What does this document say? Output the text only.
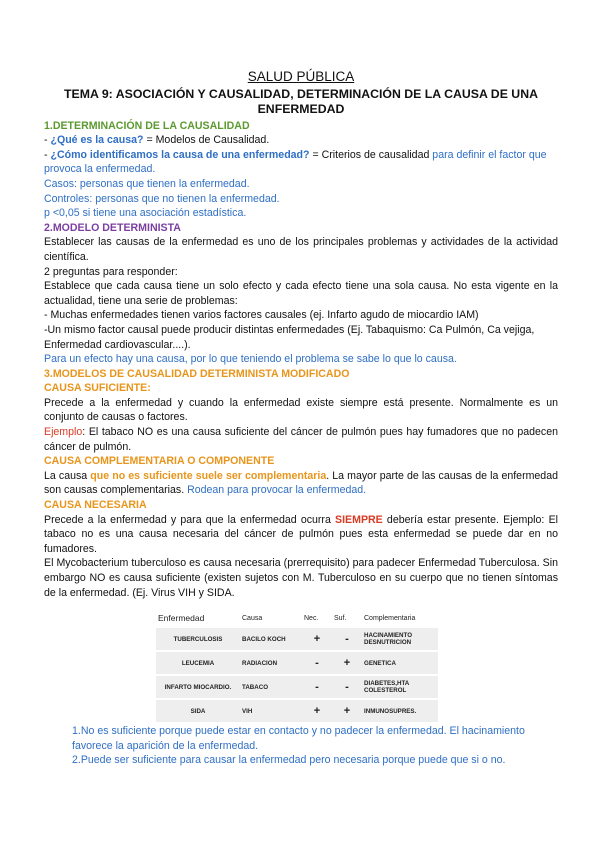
SALUD PÚBLICA
TEMA 9: ASOCIACIÓN Y CAUSALIDAD, DETERMINACIÓN DE LA CAUSA DE UNA ENFERMEDAD
1.DETERMINACIÓN DE LA CAUSALIDAD

- ¿Qué es la causa? = Modelos de Causalidad.

- ¿Cómo identificamos la causa de una enfermedad? = Criterios de causalidad para definir el factor que provoca la enfermedad.

Casos: personas que tienen la enfermedad.

Controles: personas que no tienen la enfermedad.

p <0,05 si tiene una asociación estadística.

2.MODELO DETERMINISTA

Establecer las causas de la enfermedad es uno de los principales problemas y actividades de la actividad científica.

2 preguntas para responder:

Establece que cada causa tiene un solo efecto y cada efecto tiene una sola causa. No esta vigente en la actualidad, tiene una serie de problemas:

- Muchas enfermedades tienen varios factores causales (ej. Infarto agudo de miocardio IAM)

-Un mismo factor causal puede producir distintas enfermedades (Ej. Tabaquismo: Ca Pulmón, Ca vejiga, Enfermedad cardiovascular....).

Para un efecto hay una causa, por lo que teniendo el problema se sabe lo que lo causa.

3.MODELOS DE CAUSALIDAD DETERMINISTA MODIFICADO
CAUSA SUFICIENTE:

Precede a la enfermedad y cuando la enfermedad existe siempre está presente. Normalmente es un conjunto de causas o factores.

Ejemplo: El tabaco NO es una causa suficiente del cáncer de pulmón pues hay fumadores que no padecen cáncer de pulmón.

CAUSA COMPLEMENTARIA O COMPONENTE

La causa que no es suficiente suele ser complementaria. La mayor parte de las causas de la enfermedad son causas complementarias. Rodean para provocar la enfermedad.

CAUSA NECESARIA

Precede a la enfermedad y para que la enfermedad ocurra SIEMPRE debería estar presente. Ejemplo: El tabaco no es una causa necesaria del cáncer de pulmón pues esta enfermedad se puede dar en no fumadores.

El Mycobacterium tuberculoso es causa necesaria (prerrequisito) para padecer Enfermedad Tuberculosa. Sin embargo NO es causa suficiente (existen sujetos con M. Tuberculoso en su cuerpo que no tienen síntomas de la enfermedad. (Ej. Virus VIH y SIDA.

Enfermedad	Causa	Nec.	Suf.	Complementaria
TUBERCULOSIS	BACILO KOCH	+	-	HACINAMIENTO DESNUTRICION

LEUCEMIA	RADIACION	-	+	GENETICA

INFARTO MIOCARDIO.	TABACO	-	-	DIABETES,HTA COLESTEROL

SIDA	VIH	+	+	INMUNOSUPRES.

1.No es suficiente porque puede estar en contacto y no padecer la enfermedad. El hacinamiento favorece la aparición de la enfermedad.

2.Puede ser suficiente para causar la enfermedad pero necesaria porque puede que si o no.
